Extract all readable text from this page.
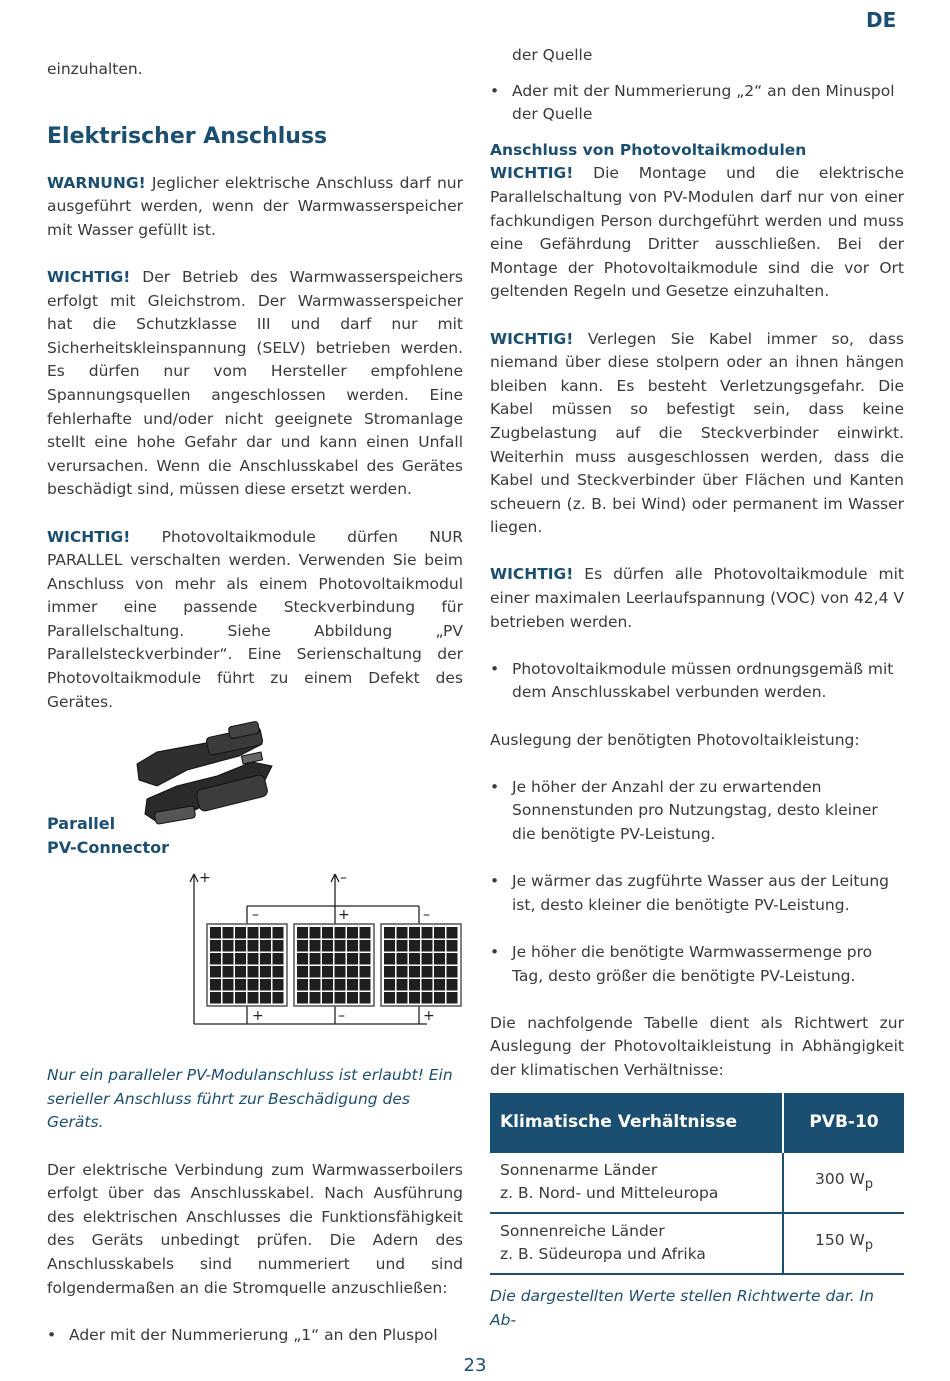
DE

einzuhalten.

Elektrischer Anschluss

WARNUNG! Jeglicher elektrische Anschluss darf nur ausgeführt werden, wenn der Warmwasserspeicher mit Wasser gefüllt ist.

WICHTIG! Der Betrieb des Warmwasserspeichers erfolgt mit Gleichstrom. Der Warmwasserspeicher hat die Schutzklasse III und darf nur mit Sicherheitskleinspannung (SELV) betrieben werden. Es dürfen nur vom Hersteller empfohlene Spannungsquellen angeschlossen werden. Eine fehlerhafte und/oder nicht geeignete Stromanlage stellt eine hohe Gefahr dar und kann einen Unfall verursachen. Wenn die Anschlusskabel des Gerätes beschädigt sind, müssen diese ersetzt werden.

WICHTIG! Photovoltaikmodule dürfen NUR PARALLEL verschalten werden. Verwenden Sie beim Anschluss von mehr als einem Photovoltaikmodul immer eine passende Steckverbindung für Parallelschaltung. Siehe Abbildung „PV Parallelsteckverbinder“. Eine Serienschaltung der Photovoltaikmodule führt zu einem Defekt des Gerätes.

Parallel
PV-Connector
+	–
–	+	–
+	–	+

Nur ein paralleler PV-Modulanschluss ist erlaubt! Ein serieller Anschluss führt zur Beschädigung des Geräts.

Der elektrische Verbindung zum Warmwasserboilers erfolgt über das Anschlusskabel. Nach Ausführung des elektrischen Anschlusses die Funktionsfähigkeit des Geräts unbedingt prüfen. Die Adern des Anschlusskabels sind nummeriert und sind folgendermaßen an die Stromquelle anzuschließen:

• Ader mit der Nummerierung „1“ an den Pluspol

der Quelle

• Ader mit der Nummerierung „2“ an den Minuspol der Quelle

Anschluss von Photovoltaikmodulen

WICHTIG! Die Montage und die elektrische Parallelschaltung von PV-Modulen darf nur von einer fachkundigen Person durchgeführt werden und muss eine Gefährdung Dritter ausschließen. Bei der Montage der Photovoltaikmodule sind die vor Ort geltenden Regeln und Gesetze einzuhalten.

WICHTIG! Verlegen Sie Kabel immer so, dass niemand über diese stolpern oder an ihnen hängen bleiben kann. Es besteht Verletzungsgefahr. Die Kabel müssen so befestigt sein, dass keine Zugbelastung auf die Steckverbinder einwirkt. Weiterhin muss ausgeschlossen werden, dass die Kabel und Steckverbinder über Flächen und Kanten scheuern (z. B. bei Wind) oder permanent im Wasser liegen.

WICHTIG! Es dürfen alle Photovoltaikmodule mit einer maximalen Leerlaufspannung (VOC) von 42,4 V betrieben werden.

• Photovoltaikmodule müssen ordnungsgemäß mit dem Anschlusskabel verbunden werden.

Auslegung der benötigten Photovoltaikleistung:

• Je höher der Anzahl der zu erwartenden Sonnenstunden pro Nutzungstag, desto kleiner die benötigte PV-Leistung.
• Je wärmer das zugführte Wasser aus der Leitung ist, desto kleiner die benötigte PV-Leistung.
• Je höher die benötigte Warmwassermenge pro Tag, desto größer die benötigte PV-Leistung.

Die nachfolgende Tabelle dient als Richtwert zur Auslegung der Photovoltaikleistung in Abhängigkeit der klimatischen Verhältnisse:

Klimatische Verhältnisse	PVB-10

Sonnenarme Länder
z. B. Nord- und Mitteleuropa	300 $W_p$

Sonnenreiche Länder
z. B. Südeuropa und Afrika	150 $W_p$

Die dargestellten Werte stellen Richtwerte dar. In Ab-

23
